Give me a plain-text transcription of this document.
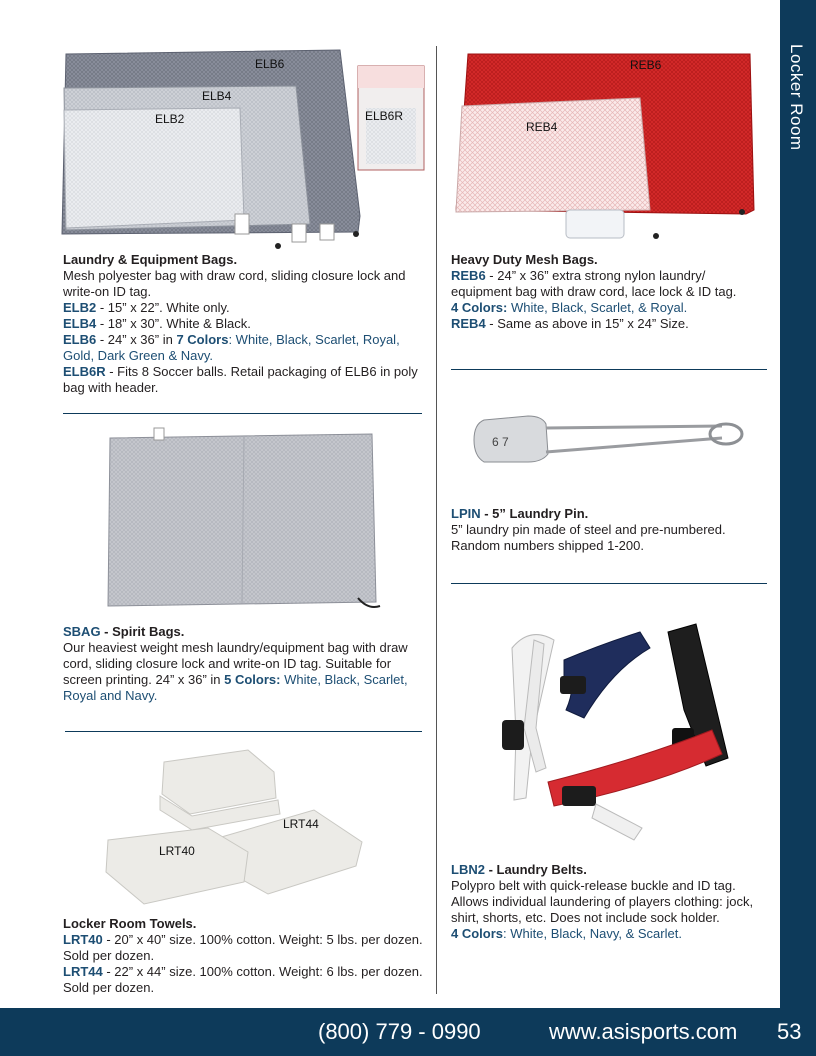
Locker Room
ELB6
ELB4
ELB2	ELB6R
Laundry & Equipment Bags.
Mesh polyester bag with draw cord, sliding closure lock and write-on ID tag.
ELB2 - 15” x 22”. White only.
ELB4 - 18” x 30”. White & Black.
ELB6 - 24” x 36” in 7 Colors: White, Black, Scarlet, Royal, Gold, Dark Green & Navy.
ELB6R - Fits 8 Soccer balls. Retail packaging of ELB6 in poly bag with header.
REB6
REB4
Heavy Duty Mesh Bags.
REB6 - 24” x 36” extra strong nylon laundry/ equipment bag with draw cord, lace lock & ID tag.
4 Colors: White, Black, Scarlet, & Royal.
REB4 - Same as above in 15” x 24” Size.
SBAG - Spirit Bags.
Our heaviest weight mesh laundry/equipment bag with draw cord, sliding closure lock and write-on ID tag. Suitable for screen printing. 24” x 36” in 5 Colors: White, Black, Scarlet, Royal and Navy.
6 7
LPIN - 5” Laundry Pin.
5” laundry pin made of steel and pre-numbered. Random numbers shipped 1-200.
LBN2 - Laundry Belts.
Polypro belt with quick-release buckle and ID tag. Allows individual laundering of players clothing: jock, shirt, shorts, etc. Does not include sock holder.
4 Colors: White, Black, Navy, & Scarlet.
LRT44
LRT40
Locker Room Towels.
LRT40 - 20” x 40” size. 100% cotton. Weight: 5 lbs. per dozen. Sold per dozen.
LRT44 - 22” x 44” size. 100% cotton. Weight: 6 lbs. per dozen. Sold per dozen.
(800) 779 - 0990	www.asisports.com 53
